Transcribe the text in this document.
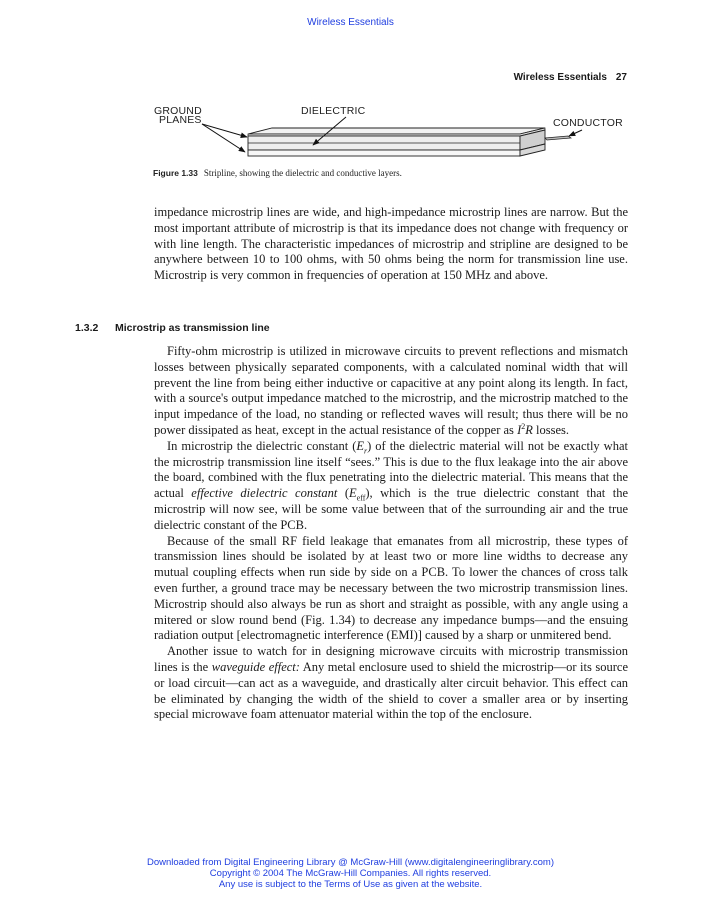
Wireless Essentials
Wireless Essentials 27
GROUND
PLANES
DIELECTRIC
CONDUCTOR
Figure 1.33 Stripline, showing the dielectric and conductive layers.

impedance microstrip lines are wide, and high-impedance microstrip lines are narrow. But the most important attribute of microstrip is that its impedance does not change with frequency or with line length. The characteristic impedances of microstrip and stripline are designed to be anywhere between 10 to 100 ohms, with 50 ohms being the norm for transmission line use. Microstrip is very common in frequencies of operation at 150 MHz and above.

1.3.2 Microstrip as transmission line

Fifty-ohm microstrip is utilized in microwave circuits to prevent reflections and mismatch losses between physically separated components, with a calculated nominal width that will prevent the line from being either inductive or capacitive at any point along its length. In fact, with a source's output impedance matched to the microstrip, and the microstrip matched to the input impedance of the load, no standing or reflected waves will result; thus there will be no power dissipated as heat, except in the actual resistance of the copper as $I^2R$ losses.

In microstrip the dielectric constant $(E_r)$ of the dielectric material will not be exactly what the microstrip transmission line itself “sees.” This is due to the flux leakage into the air above the board, combined with the flux penetrating into the dielectric material. This means that the actual effective dielectric constant $(E_{eff})$, which is the true dielectric constant that the microstrip will now see, will be some value between that of the surrounding air and the true dielectric constant of the PCB.

Because of the small RF field leakage that emanates from all microstrip, these types of transmission lines should be isolated by at least two or more line widths to decrease any mutual coupling effects when run side by side on a PCB. To lower the chances of cross talk even further, a ground trace may be necessary between the two microstrip transmission lines. Microstrip should also always be run as short and straight as possible, with any angle using a mitered or slow round bend (Fig. 1.34) to decrease any impedance bumps—and the ensuing radiation output [electromagnetic interference (EMI)] caused by a sharp or unmitered bend.

Another issue to watch for in designing microwave circuits with microstrip transmission lines is the waveguide effect: Any metal enclosure used to shield the microstrip—or its source or load circuit—can act as a waveguide, and drastically alter circuit behavior. This effect can be eliminated by changing the width of the shield to cover a smaller area or by inserting special microwave foam attenuator material within the top of the enclosure.

Downloaded from Digital Engineering Library @ McGraw-Hill (www.digitalengineeringlibrary.com)
Copyright © 2004 The McGraw-Hill Companies. All rights reserved.
Any use is subject to the Terms of Use as given at the website.
